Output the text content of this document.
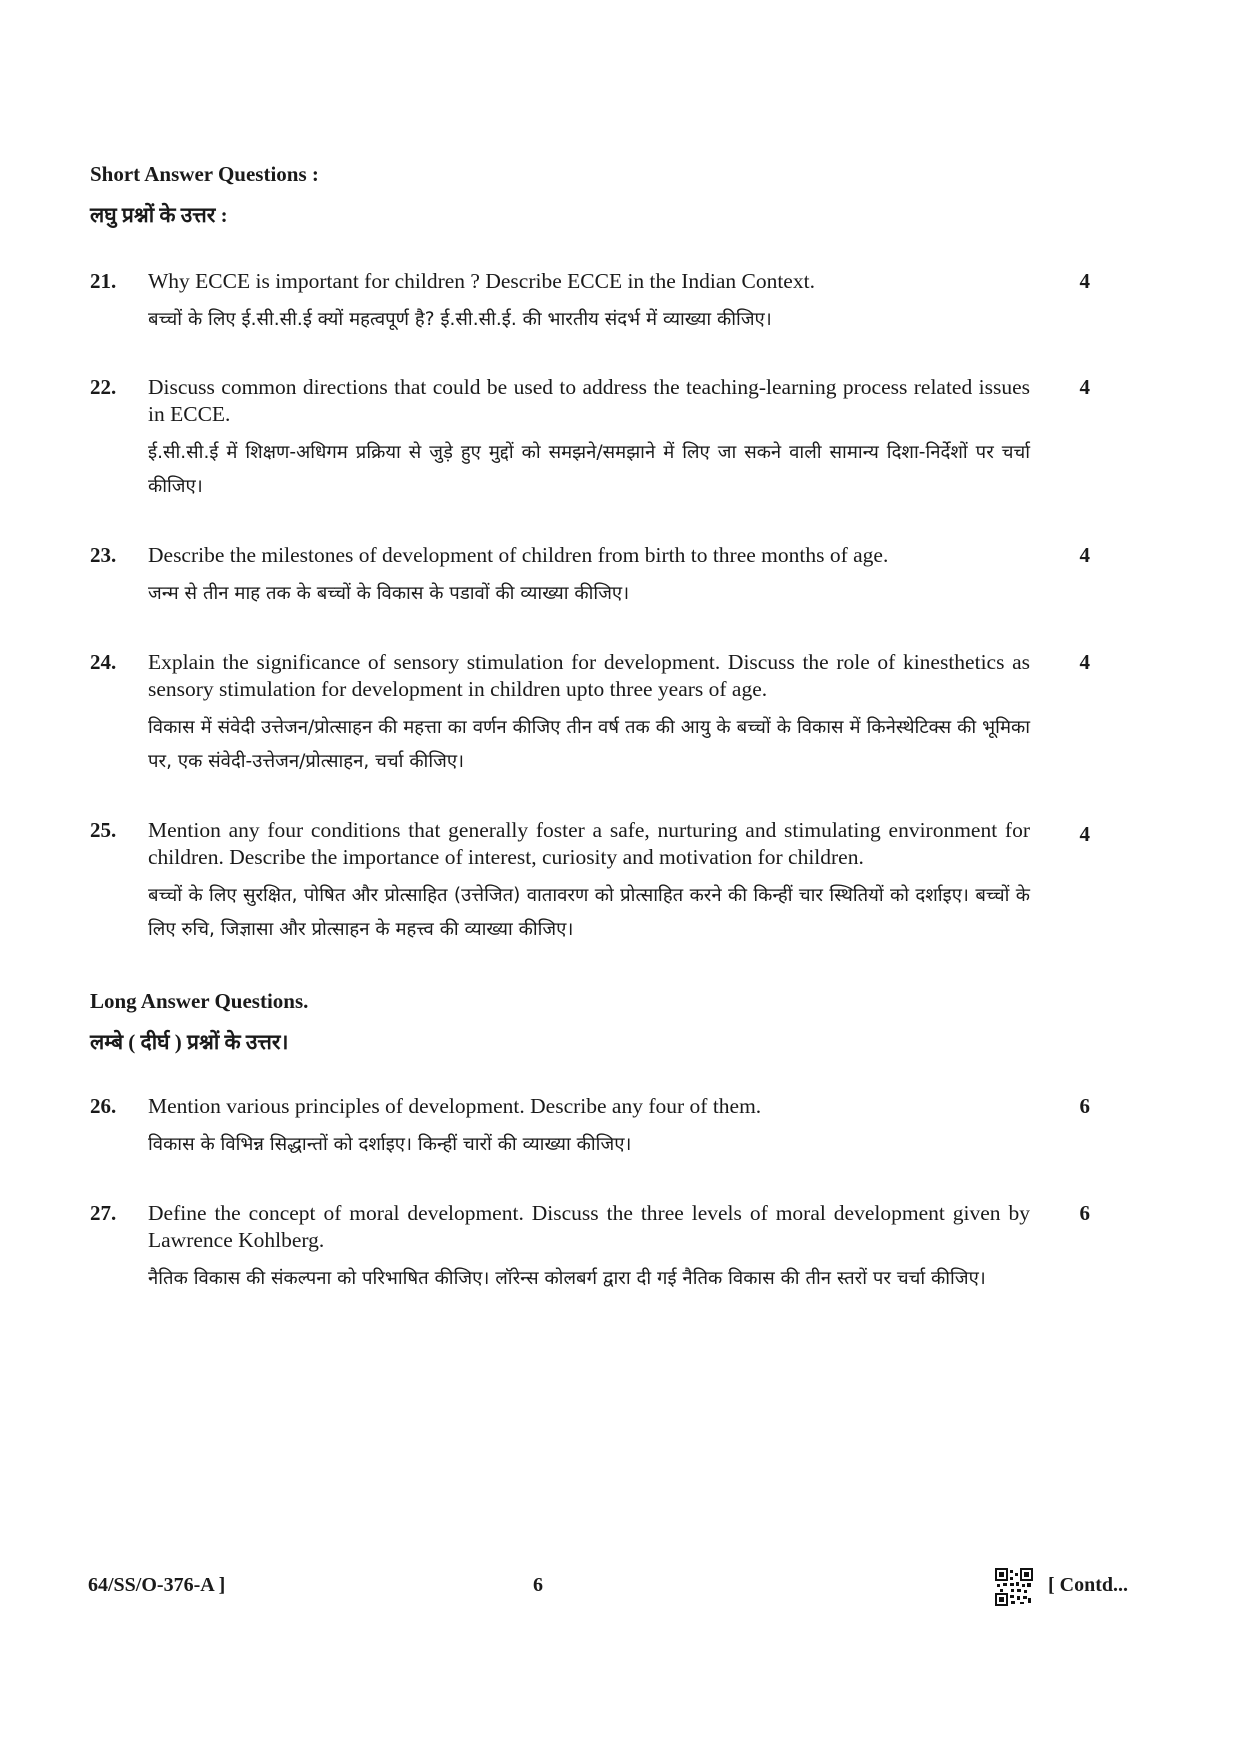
Short Answer Questions :
लघु प्रश्नों के उत्तर :
21. Why ECCE is important for children ? Describe ECCE in the Indian Context.

बच्चों के लिए ई.सी.सी.ई क्यों महत्वपूर्ण है? ई.सी.सी.ई. की भारतीय संदर्भ में व्याख्या कीजिए।

4
22. Discuss common directions that could be used to address the teaching-learning process related issues in ECCE.

ई.सी.सी.ई में शिक्षण-अधिगम प्रक्रिया से जुड़े हुए मुद्दों को समझने/समझाने में लिए जा सकने वाली सामान्य दिशा-निर्देशों पर चर्चा कीजिए।

4
23. Describe the milestones of development of children from birth to three months of age.

जन्म से तीन माह तक के बच्चों के विकास के पडावों की व्याख्या कीजिए।

4
24. Explain the significance of sensory stimulation for development. Discuss the role of kinesthetics as sensory stimulation for development in children upto three years of age.

विकास में संवेदी उत्तेजन/प्रोत्साहन की महत्ता का वर्णन कीजिए तीन वर्ष तक की आयु के बच्चों के विकास में किनेस्थेटिक्स की भूमिका पर, एक संवेदी-उत्तेजन/प्रोत्साहन, चर्चा कीजिए।

4
25. Mention any four conditions that generally foster a safe, nurturing and stimulating environment for children. Describe the importance of interest, curiosity and motivation for children.

बच्चों के लिए सुरक्षित, पोषित और प्रोत्साहित (उत्तेजित) वातावरण को प्रोत्साहित करने की किन्हीं चार स्थितियों को दर्शाइए। बच्चों के लिए रुचि, जिज्ञासा और प्रोत्साहन के महत्त्व की व्याख्या कीजिए।

4
Long Answer Questions.
लम्बे ( दीर्घ ) प्रश्नों के उत्तर।
26. Mention various principles of development. Describe any four of them.

विकास के विभिन्न सिद्धान्तों को दर्शाइए। किन्हीं चारों की व्याख्या कीजिए।

6
27. Define the concept of moral development. Discuss the three levels of moral development given by Lawrence Kohlberg.

नैतिक विकास की संकल्पना को परिभाषित कीजिए। लॉरेन्स कोलबर्ग द्वारा दी गई नैतिक विकास की तीन स्तरों पर चर्चा कीजिए।

6
64/SS/O-376-A ]	6	[ Contd...
